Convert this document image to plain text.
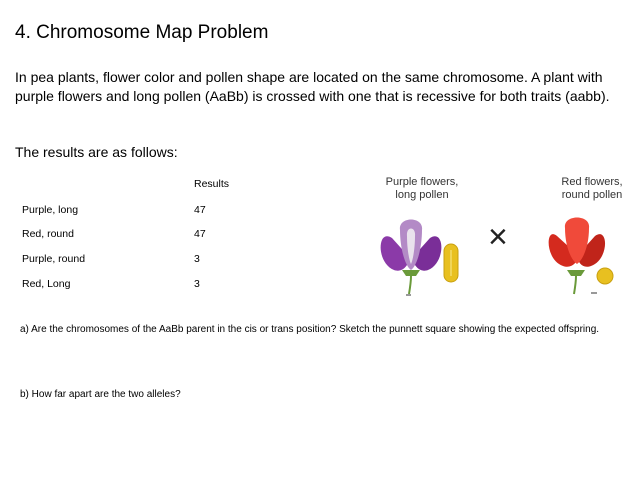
4. Chromosome Map Problem
In pea plants, flower color and pollen shape are located on the same chromosome. A plant with purple flowers and long pollen (AaBb) is crossed with one that is recessive for both traits (aabb).
The results are as follows:
Results
Purple, long	47
Red, round	47
Purple, round	3
Red, Long	3
Purple flowers,
long pollen
Red flowers,
round pollen
×
a) Are the chromosomes of the AaBb parent in the cis or trans position? Sketch the punnett square showing the expected offspring.
b) How far apart are the two alleles?
